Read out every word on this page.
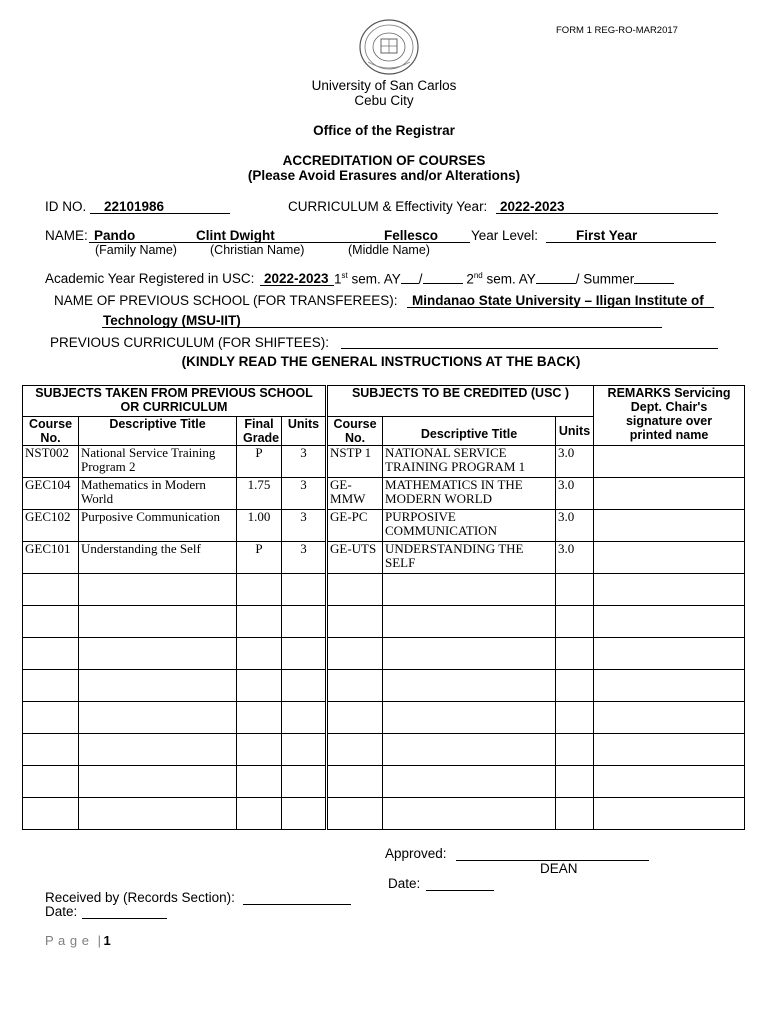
FORM 1 REG-RO-MAR2017
University of San Carlos
Cebu City
Office of the Registrar
ACCREDITATION OF COURSES
(Please Avoid Erasures and/or Alterations)
ID NO. 22101986	CURRICULUM & Effectivity Year: 2022-2023
NAME: Pando	Clint Dwight	Fellesco Year Level:	First Year
(Family Name)	(Christian Name)	(Middle Name)
Academic Year Registered in USC: 2022-2023 1st sem. AY /	2nd sem. AY	/ Summer
NAME OF PREVIOUS SCHOOL (FOR TRANSFEREES): Mindanao State University – Iligan Institute of
Technology (MSU-IIT)
PREVIOUS CURRICULUM (FOR SHIFTEES):
(KINDLY READ THE GENERAL INSTRUCTIONS AT THE BACK)
SUBJECTS TAKEN FROM PREVIOUS SCHOOL OR CURRICULUM				SUBJECTS TO BE CREDITED (USC )			REMARKS Servicing Dept. Chair's signature over printed name
Course No.	Descriptive Title	Final Grade	Units	Course No.	Descriptive Title	Units	
NST002	National Service Training Program 2	P	3	NSTP 1	NATIONAL SERVICE TRAINING PROGRAM 1	3.0	
GEC104	Mathematics in Modern World	1.75	3	GE-MMW	MATHEMATICS IN THE MODERN WORLD	3.0	
GEC102	Purposive Communication	1.00	3	GE-PC	PURPOSIVE COMMUNICATION	3.0	
GEC101	Understanding the Self	P	3	GE-UTS	UNDERSTANDING THE SELF	3.0	

Approved:
DEAN
Date:
Received by (Records Section):
Date:
P a g e | 1
